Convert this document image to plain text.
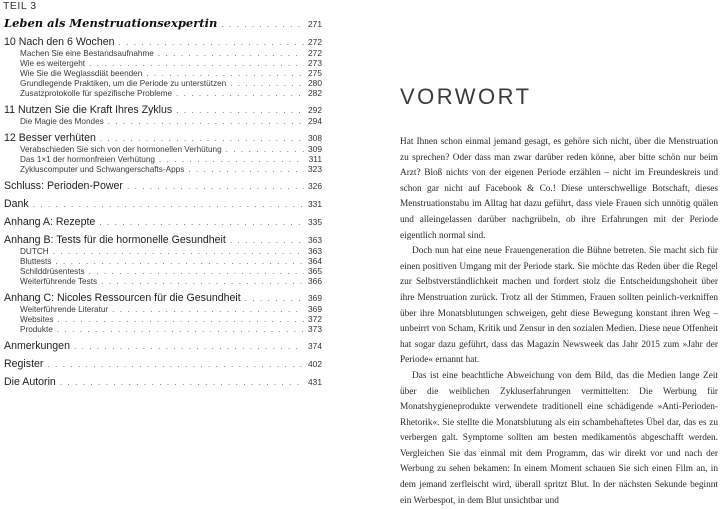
TEIL 3
Leben als Menstruationsexpertin . . .	271
10 Nach den 6 Wochen . . .	272
Machen Sie eine Bestandsaufnahme . . .	272
Wie es weitergeht . . .	273
Wie Sie die Weglassdiät beenden . . .	275
Grundlegende Praktiken, um die Periode zu unterstützen . . .	280
Zusatzprotokolle für spezifische Probleme . . .	282
11 Nutzen Sie die Kraft Ihres Zyklus . . .	292
Die Magie des Mondes . . .	294
12 Besser verhüten . . .	308
Verabschieden Sie sich von der hormonellen Verhütung . . .	309
Das 1×1 der hormonfreien Verhütung . . .	311
Zykluscomputer und Schwangerschafts-Apps . . .	323
Schluss: Perioden-Power . . .	326
Dank . . .	331
Anhang A: Rezepte . . .	335
Anhang B: Tests für die hormonelle Gesundheit . . .	363
DUTCH . . .	363
Bluttests . . .	364
Schilddrüsentests . . .	365
Weiterführende Tests . . .	366
Anhang C: Nicoles Ressourcen für die Gesundheit . . .	369
Weiterführende Literatur . . .	369
Websites . . .	372
Produkte . . .	373
Anmerkungen . . .	374
Register . . .	402
Die Autorin . . .	431
VORWORT

Hat Ihnen schon einmal jemand gesagt, es gehöre sich nicht, über die Menstruation zu sprechen? Oder dass man zwar darüber reden könne, aber bitte schön nur beim Arzt? Bloß nichts von der eigenen Periode erzählen – nicht im Freundeskreis und schon gar nicht auf Facebook & Co.! Diese unterschwellige Botschaft, dieses Menstruationstabu im Alltag hat dazu geführt, dass viele Frauen sich unnötig quälen und alleingelassen darüber nachgrübeln, ob ihre Erfahrungen mit der Periode eigentlich normal sind.

Doch nun hat eine neue Frauengeneration die Bühne betreten. Sie macht sich für einen positiven Umgang mit der Periode stark. Sie möchte das Reden über die Regel zur Selbstverständlichkeit machen und fordert stolz die Entscheidungshoheit über ihre Menstruation zurück. Trotz all der Stimmen, Frauen sollten peinlich-verkniffen über ihre Monatsblutungen schweigen, geht diese Bewegung konstant ihren Weg – unbeirrt von Scham, Kritik und Zensur in den sozialen Medien. Diese neue Offenheit hat sogar dazu geführt, dass das Magazin Newsweek das Jahr 2015 zum »Jahr der Periode« ernannt hat.

Das ist eine beachtliche Abweichung von dem Bild, das die Medien lange Zeit über die weiblichen Zykluserfahrungen vermittelten: Die Werbung für Monatshygieneprodukte verwendete traditionell eine schädigende »Anti-Perioden-Rhetorik«. Sie stellte die Monatsblutung als ein schambehaftetes Übel dar, das es zu verbergen galt. Symptome sollten am besten medikamentös abgeschafft werden. Vergleichen Sie das einmal mit dem Programm, das wir direkt vor und nach der Werbung zu sehen bekamen: In einem Moment schauen Sie sich einen Film an, in dem jemand zerfleischt wird, überall spritzt Blut. In der nächsten Sekunde beginnt ein Werbespot, in dem Blut unsichtbar und
